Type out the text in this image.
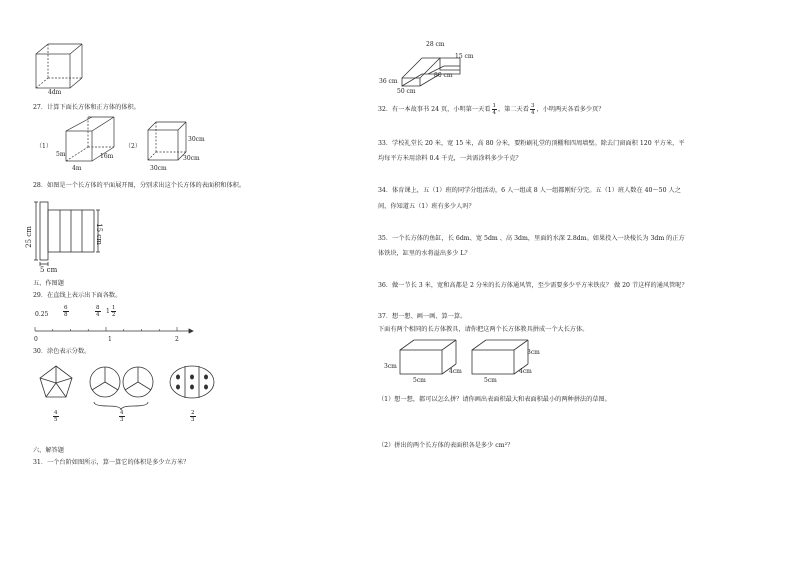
4dm
27．计算下面长方体和正方体的体积。
（1）
5m
4m
16m
（2）
30cm
30cm
30cm
28．如图是一个长方体的平面展开图，分别求出这个长方体的表面积和体积。
25 cm
5 cm
15 cm
五、作图题
29．在直线上表示出下面各数。
0.25	$\frac{6}{8}$	$\frac{8}{4} 1 \frac{1}{2}$
0	1	2
30．涂色表示分数。
$\frac{4}{5}$	$\frac{4}{3}$	$\frac{2}{3}$
六、解答题
31．一个台阶如图所示，算一算它的体积是多少立方米？
28 cm
15 cm
80 cm
36 cm
50 cm
32．有一本故事书 24 页，小明第一天看 $\frac{1}{4}$ ，第二天看 $\frac{3}{4}$ ，小明两天各看多少页？
33．学校礼堂长 20 米，宽 15 米，高 80 分米，要粉刷礼堂的顶棚和四周墙壁。除去门窗面积 120 平方米，平
均每平方米用涂料 0.4 千克，一共需涂料多少千克？
34．体育课上，五（1）班的同学分组活动，6 人一组或 8 人一组都刚好分完。五（1）班人数在 40～50 人之
间，你知道五（1）班有多少人吗？
35．一个长方体的鱼缸，长 6dm、宽 5dm 、高 3dm，里面的水深 2.8dm。如果投入一块棱长为 3dm 的正方
体铁块，缸里的水将溢出多少 L？
36．做一节长 3 米，宽和高都是 2 分米的长方体通风管，至少需要多少平方米铁皮？ 做 20 节这样的通风管呢？
37．想一想、画一画、算一算。
下面有两个相同的长方体教具，请你把这两个长方体教具拼成一个大长方体。
3cm
4cm
5cm
3cm
4cm
5cm
（1）想一想，都可以怎么拼？请你画出表面积最大和表面积最小的两种拼法的草图。
（2）拼出的两个长方体的表面积各是多少 cm²？
